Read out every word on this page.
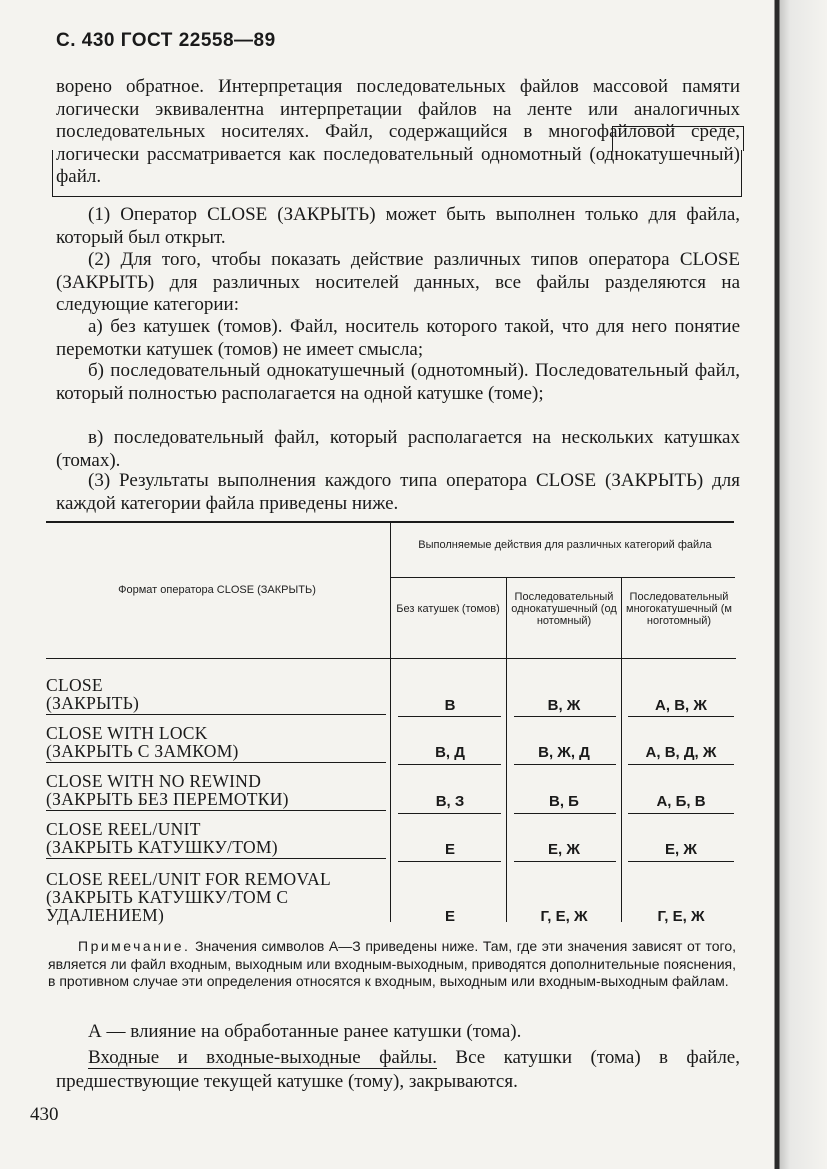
С. 430 ГОСТ 22558—89

ворено обратное. Интерпретация последовательных файлов массовой памяти логически эквивалентна интерпретации файлов на ленте или аналогичных последовательных носителях. Файл, содержащийся в многофайловой среде, логически рассматривается как последовательный одномотный (однокатушечный) файл.

(1) Оператор CLOSE (ЗАКРЫТЬ) может быть выполнен только для файла, который был открыт.

(2) Для того, чтобы показать действие различных типов оператора CLOSE (ЗАКРЫТЬ) для различных носителей данных, все файлы разделяются на следующие категории:

а) без катушек (томов). Файл, носитель которого такой, что для него понятие перемотки катушек (томов) не имеет смысла;

б) последовательный однокатушечный (однотомный). Последовательный файл, который полностью располагается на одной катушке (томе);

в) последовательный файл, который располагается на нескольких катушках (томах).

(3) Результаты выполнения каждого типа оператора CLOSE (ЗАКРЫТЬ) для каждой категории файла приведены ниже.

Формат оператора CLOSE (ЗАКРЫТЬ)
Выполняемые действия для различных категорий файла
Без катушек (томов)
Последовательный однокатушечный (однотомный)
Последовательный многокатушечный (многотомный)
CLOSE
(ЗАКРЫТЬ)	В	В, Ж	А, В, Ж
CLOSE WITH LOCK
(ЗАКРЫТЬ С ЗАМКОМ)	В, Д	В, Ж, Д	А, В, Д, Ж
CLOSE WITH NO REWIND
(ЗАКРЫТЬ БЕЗ ПЕРЕМОТКИ)	В, З	В, Б	А, Б, В
CLOSE REEL/UNIT
(ЗАКРЫТЬ КАТУШКУ/ТОМ)	Е	Е, Ж	Е, Ж
CLOSE REEL/UNIT FOR REMOVAL
(ЗАКРЫТЬ КАТУШКУ/ТОМ С
УДАЛЕНИЕМ)	Е	Г, Е, Ж	Г, Е, Ж

Примечание. Значения символов А—З приведены ниже. Там, где эти значения зависят от того, является ли файл входным, выходным или входным-выходным, приводятся дополнительные пояснения, в противном случае эти определения относятся к входным, выходным или входным-выходным файлам.

А — влияние на обработанные ранее катушки (тома).

Входные и входные-выходные файлы. Все катушки (тома) в файле, предшествующие текущей катушке (тому), закрываются.

430
